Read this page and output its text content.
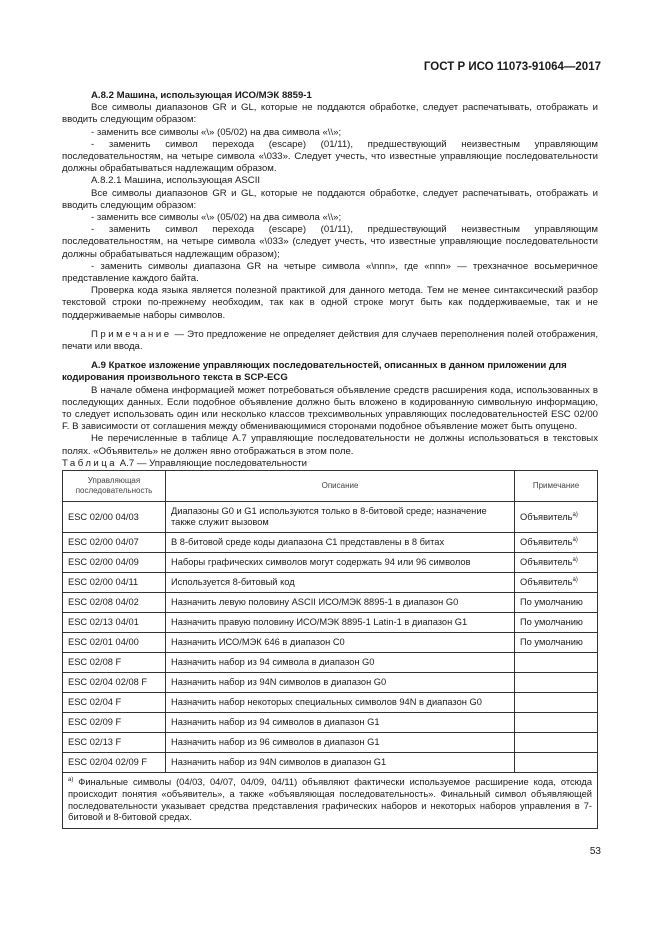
ГОСТ Р ИСО 11073-91064—2017

А.8.2 Машина, использующая ИСО/МЭК 8859-1

Все символы диапазонов GR и GL, которые не поддаются обработке, следует распечатывать, отображать и вводить следующим образом:

- заменить все символы «\» (05/02) на два символа «\\»;

- заменить символ перехода (escape) (01/11), предшествующий неизвестным управляющим последовательностям, на четыре символа «\033». Следует учесть, что известные управляющие последовательности должны обрабатываться надлежащим образом.

А.8.2.1 Машина, использующая ASCII

Все символы диапазонов GR и GL, которые не поддаются обработке, следует распечатывать, отображать и вводить следующим образом:

- заменить все символы «\» (05/02) на два символа «\\»;

- заменить символ перехода (escape) (01/11), предшествующий неизвестным управляющим последовательностям, на четыре символа «\033» (следует учесть, что известные управляющие последовательности должны обрабатываться надлежащим образом);

- заменить символы диапазона GR на четыре символа «\nnn», где «nnn» — трехзначное восьмеричное представление каждого байта.

Проверка кода языка является полезной практикой для данного метода. Тем не менее синтаксический разбор текстовой строки по-прежнему необходим, так как в одной строке могут быть как поддерживаемые, так и не поддерживаемые наборы символов.

Примечание — Это предложение не определяет действия для случаев переполнения полей отображения, печати или ввода.

А.9 Краткое изложение управляющих последовательностей, описанных в данном приложении для кодирования произвольного текста в SCP-ECG

В начале обмена информацией может потребоваться объявление средств расширения кода, использованных в последующих данных. Если подобное объявление должно быть вложено в кодированную символьную информацию, то следует использовать один или несколько классов трехсимвольных управляющих последовательностей ESC 02/00 F. В зависимости от соглашения между обменивающимися сторонами подобное объявление может быть опущено.

Не перечисленные в таблице А.7 управляющие последовательности не должны использоваться в текстовых полях. «Объявитель» не должен явно отображаться в этом поле.

Таблица А.7 — Управляющие последовательности

Управляющая последовательность	Описание	Примечание
ESC 02/00 04/03	Диапазоны G0 и G1 используются только в 8-битовой среде; назначение также служит вызовом	Объявитель$^{a)}$
ESC 02/00 04/07	В 8-битовой среде коды диапазона С1 представлены в 8 битах	Объявитель$^{a)}$
ESC 02/00 04/09	Наборы графических символов могут содержать 94 или 96 символов	Объявитель$^{a)}$
ESC 02/00 04/11	Используется 8-битовый код	Объявитель$^{a)}$
ESC 02/08 04/02	Назначить левую половину ASCII ИСО/МЭК 8895-1 в диапазон G0	По умолчанию
ESC 02/13 04/01	Назначить правую половину ИСО/МЭК 8895-1 Latin-1 в диапазон G1	По умолчанию
ESC 02/01 04/00	Назначить ИСО/МЭК 646 в диапазон С0	По умолчанию
ESC 02/08 F	Назначить набор из 94 символа в диапазон G0	
ESC 02/04 02/08 F	Назначить набор из 94N символов в диапазон G0	
ESC 02/04 F	Назначить набор некоторых специальных символов 94N в диапазон G0	
ESC 02/09 F	Назначить набор из 94 символов в диапазон G1	
ESC 02/13 F	Назначить набор из 96 символов в диапазон G1	
ESC 02/04 02/09 F	Назначить набор из 94N символов в диапазон G1	
$^{a)}$ Финальные символы (04/03, 04/07, 04/09, 04/11) объявляют фактически используемое расширение кода, отсюда происходит понятия «объявитель», а также «объявляющая последовательность». Финальный символ объявляющей последовательности указывает средства представления графических наборов и некоторых наборов управления в 7-битовой и 8-битовой средах.		
53
